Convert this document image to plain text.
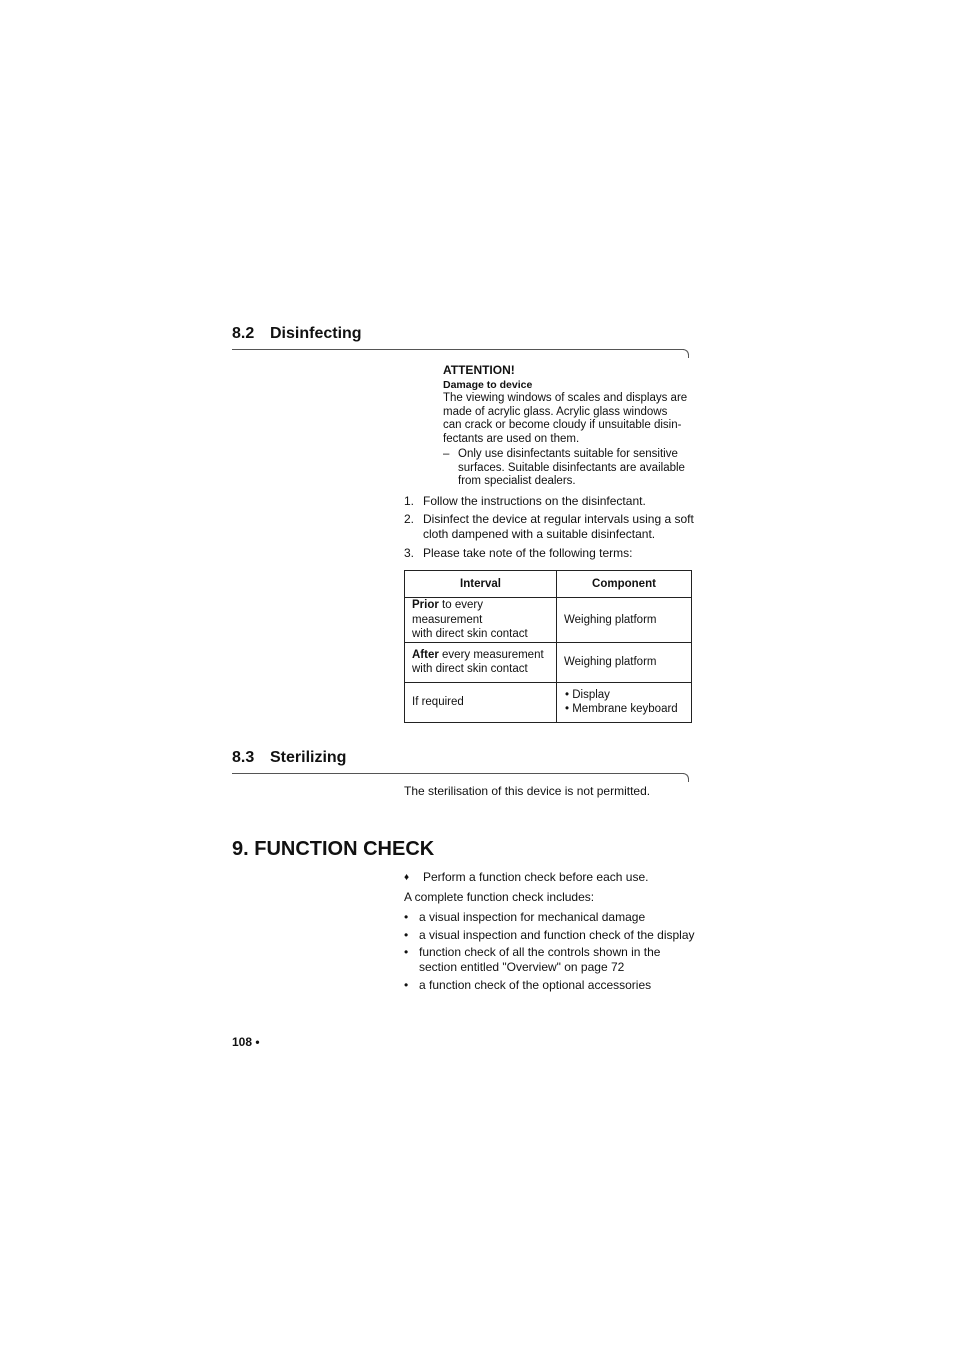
8.2 Disinfecting
ATTENTION!
Damage to device
The viewing windows of scales and displays are
made of acrylic glass. Acrylic glass windows
can crack or become cloudy if unsuitable disin-
fectants are used on them.
– Only use disinfectants suitable for sensitive
surfaces. Suitable disinfectants are available
from specialist dealers.
1. Follow the instructions on the disinfectant.
2. Disinfect the device at regular intervals using a soft
cloth dampened with a suitable disinfectant.
3. Please take note of the following terms:
Interval	Component
Prior to every measurement
with direct skin contact	Weighing platform
After every measurement
with direct skin contact	Weighing platform
If required	• Display
• Membrane keyboard
8.3 Sterilizing
The sterilisation of this device is not permitted.
9. FUNCTION CHECK
♦ Perform a function check before each use.
A complete function check includes:
• a visual inspection for mechanical damage
• a visual inspection and function check of the display
• function check of all the controls shown in the
section entitled "Overview" on page 72
• a function check of the optional accessories
108 •
